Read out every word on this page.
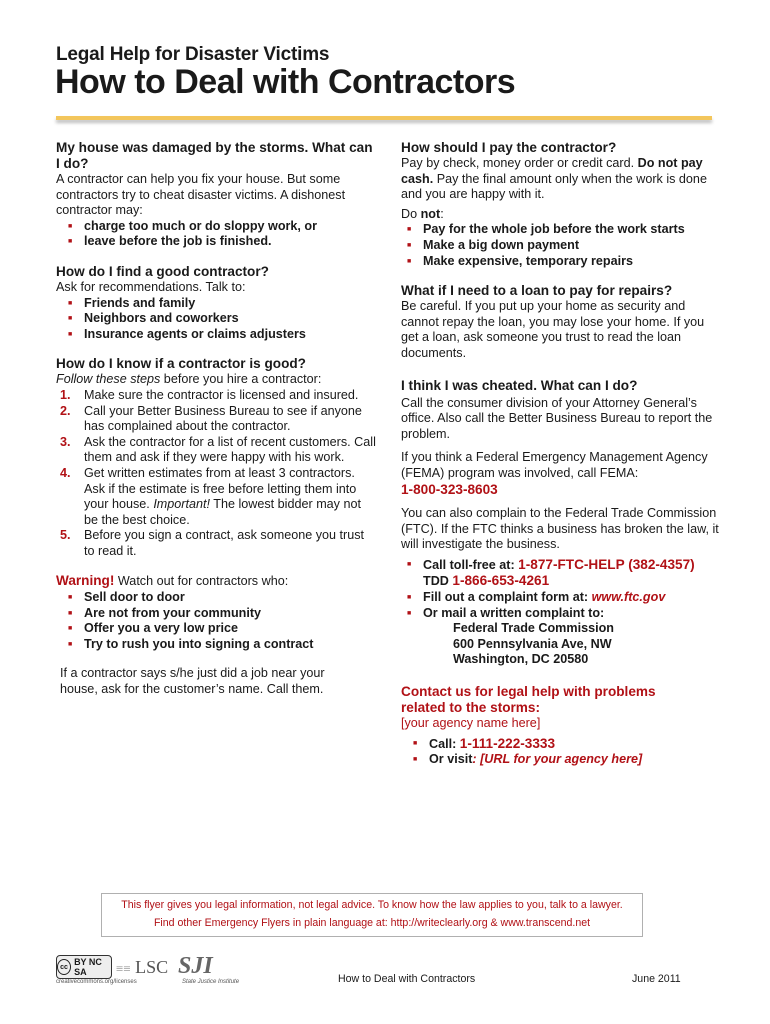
Legal Help for Disaster Victims
How to Deal with Contractors
My house was damaged by the storms. What can I do?

A contractor can help you fix your house. But some contractors try to cheat disaster victims. A dishonest contractor may:

■ charge too much or do sloppy work, or
■ leave before the job is finished.
How do I find a good contractor?

Ask for recommendations. Talk to:

■ Friends and family
■ Neighbors and coworkers
■ Insurance agents or claims adjusters
How do I know if a contractor is good?

Follow these steps before you hire a contractor:

1. Make sure the contractor is licensed and insured.
2. Call your Better Business Bureau to see if anyone has complained about the contractor.
3. Ask the contractor for a list of recent customers. Call them and ask if they were happy with his work.
4. Get written estimates from at least 3 contractors. Ask if the estimate is free before letting them into your house. Important! The lowest bidder may not be the best choice.
5. Before you sign a contract, ask someone you trust to read it.

Warning! Watch out for contractors who:

■ Sell door to door
■ Are not from your community
■ Offer you a very low price
■ Try to rush you into signing a contract

If a contractor says s/he just did a job near your house, ask for the customer’s name. Call them.

How should I pay the contractor?

Pay by check, money order or credit card. Do not pay cash. Pay the final amount only when the work is done and you are happy with it.

Do not:

■ Pay for the whole job before the work starts
■ Make a big down payment
■ Make expensive, temporary repairs
What if I need to a loan to pay for repairs?

Be careful. If you put up your home as security and cannot repay the loan, you may lose your home. If you get a loan, ask someone you trust to read the loan documents.

I think I was cheated. What can I do?

Call the consumer division of your Attorney General’s office. Also call the Better Business Bureau to report the problem.

If you think a Federal Emergency Management Agency (FEMA) program was involved, call FEMA:

1-800-323-8603

You can also complain to the Federal Trade Commission (FTC). If the FTC thinks a business has broken the law, it will investigate the business.

■ Call toll-free at: 1-877-FTC-HELP (382-4357)
TDD 1-866-653-4261
■ Fill out a complaint form at: www.ftc.gov
■ Or mail a written complaint to:
Federal Trade Commission
600 Pennsylvania Ave, NW
Washington, DC 20580
Contact us for legal help with problems related to the storms:

[your agency name here]

■ Call: 1-111-222-3333
■ Or visit: [URL for your agency here]
This flyer gives you legal information, not legal advice. To know how the law applies to you, talk to a lawyer.
Find other Emergency Flyers in plain language at: http://writeclearly.org & www.transcend.net
cc BY NC SA
creativecommons.org/licenses
≡≡ LSC SJI
State Justice Institute	How to Deal with Contractors	June 2011
